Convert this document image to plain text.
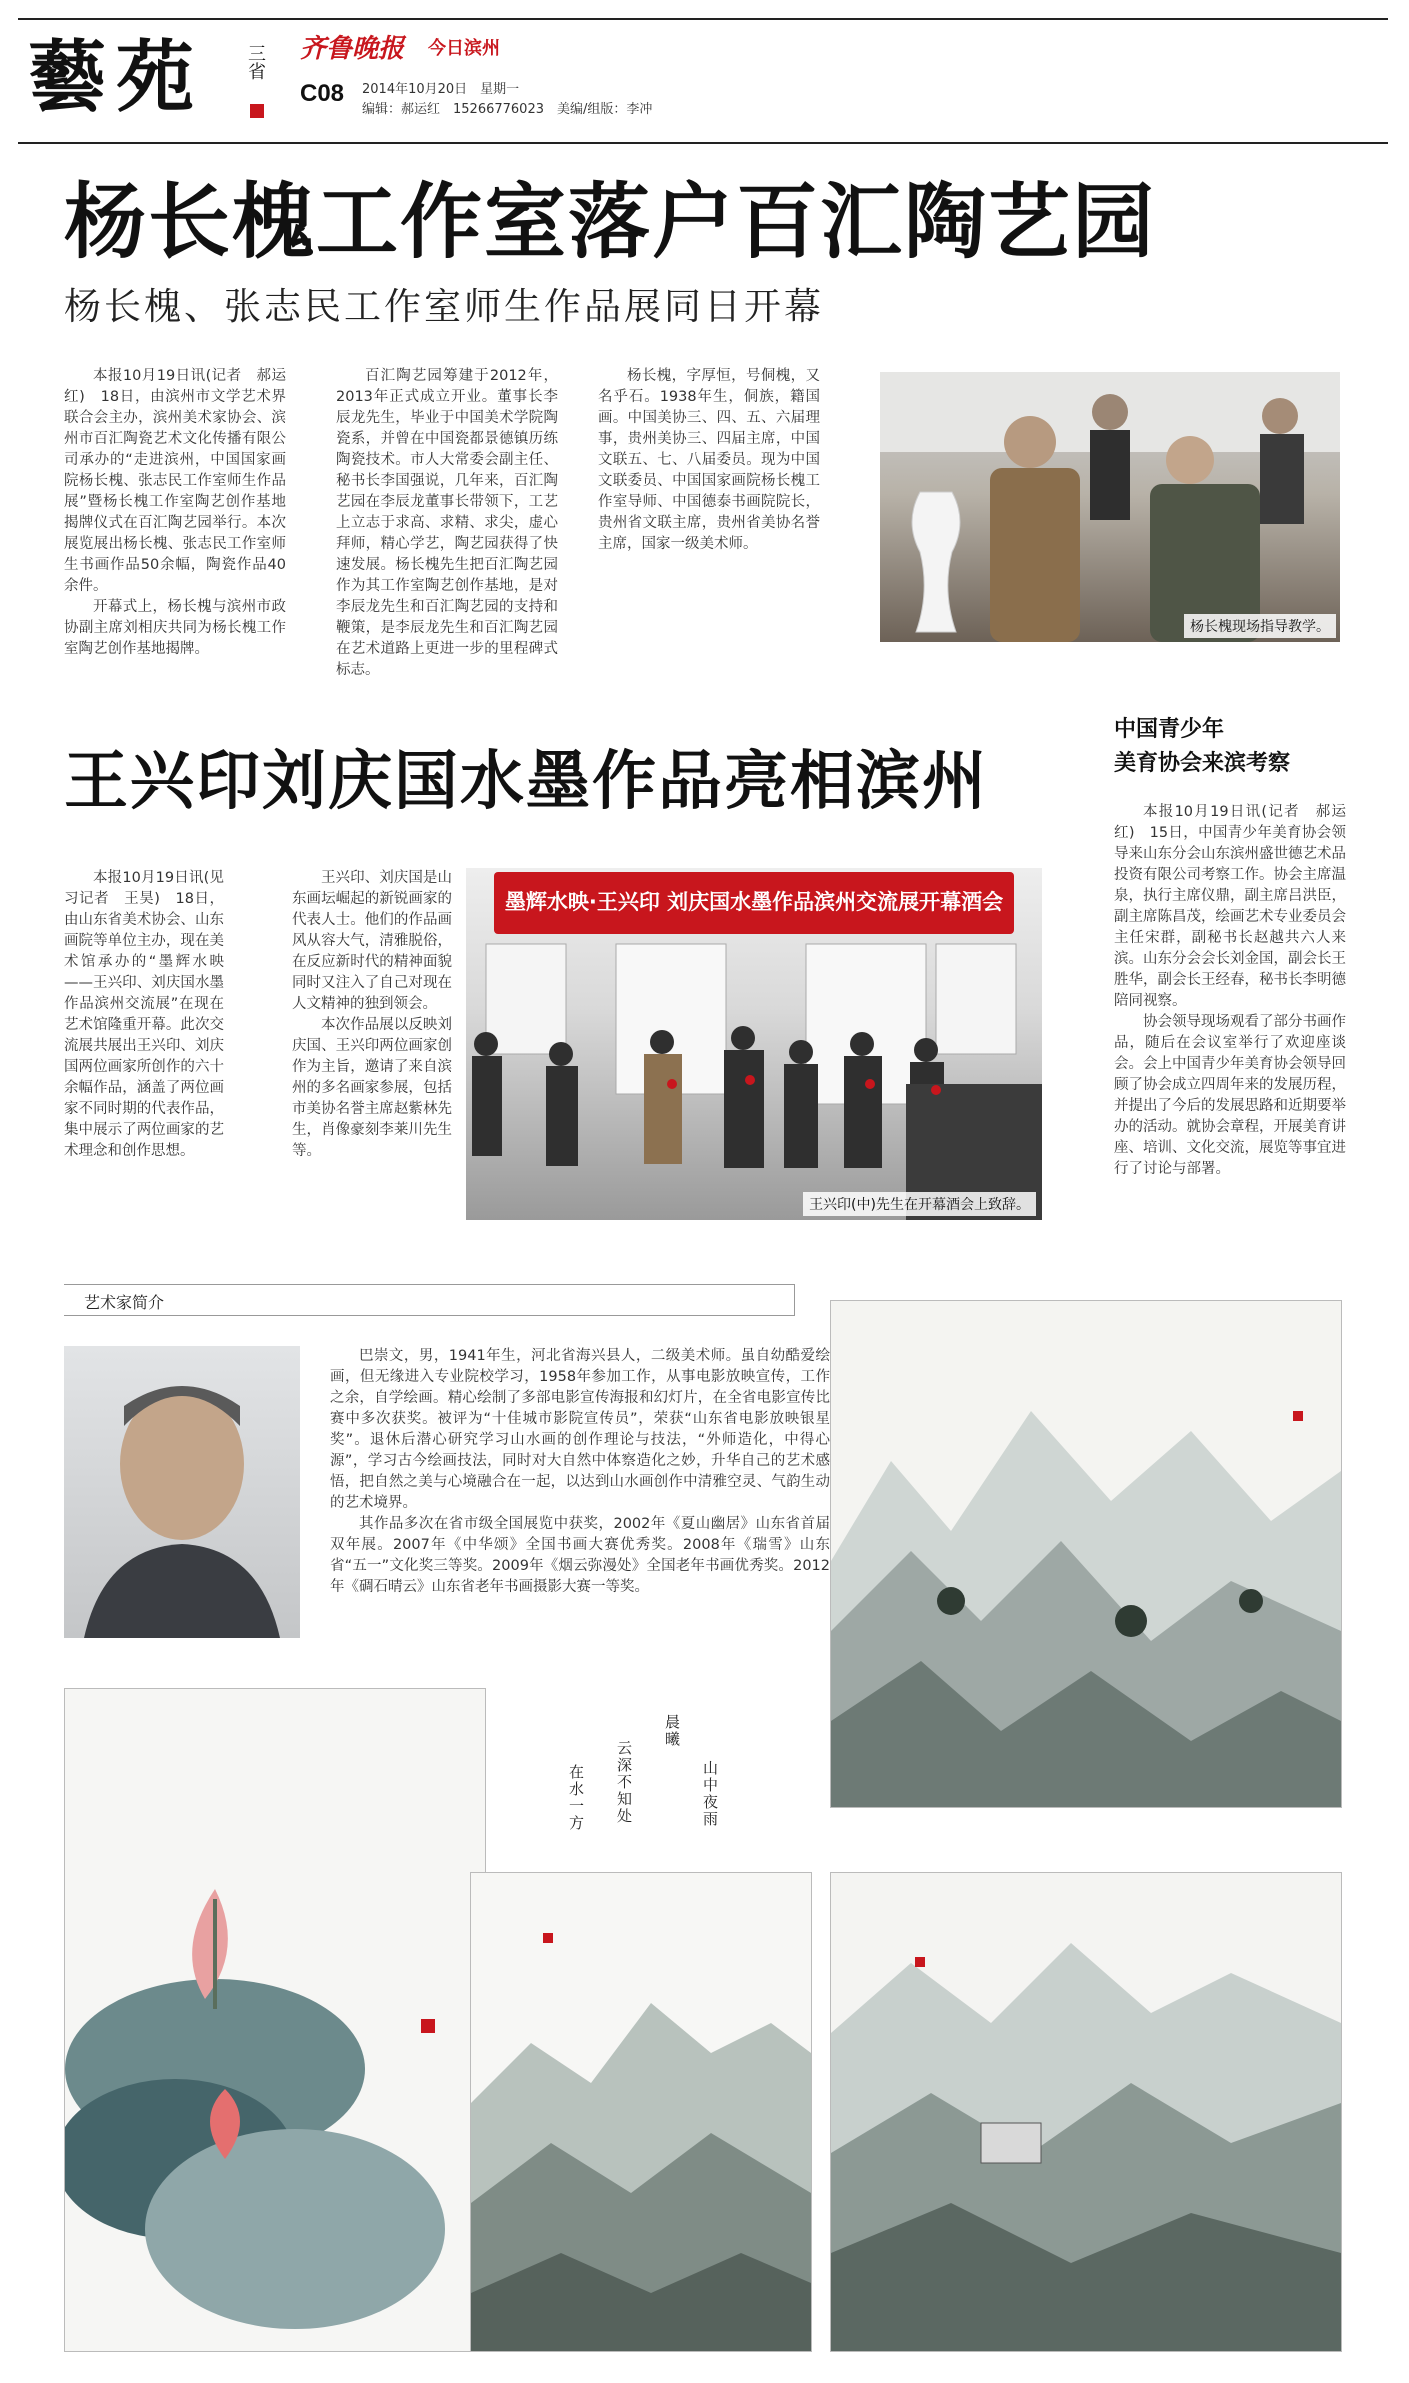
藝苑 三省 齐鲁晚报 今日滨州
C08 2014年10月20日　星期一
编辑：郝运红　15266776023　美编/组版：李冲
杨长槐工作室落户百汇陶艺园
杨长槐、张志民工作室师生作品展同日开幕

本报10月19日讯(记者　郝运红)　18日，由滨州市文学艺术界联合会主办，滨州美术家协会、滨州市百汇陶瓷艺术文化传播有限公司承办的“走进滨州，中国国家画院杨长槐、张志民工作室师生作品展”暨杨长槐工作室陶艺创作基地揭牌仪式在百汇陶艺园举行。本次展览展出杨长槐、张志民工作室师生书画作品50余幅，陶瓷作品40余件。

开幕式上，杨长槐与滨州市政协副主席刘相庆共同为杨长槐工作室陶艺创作基地揭牌。

百汇陶艺园筹建于2012年，2013年正式成立开业。董事长李辰龙先生，毕业于中国美术学院陶瓷系，并曾在中国瓷都景德镇历练陶瓷技术。市人大常委会副主任、秘书长李国强说，几年来，百汇陶艺园在李辰龙董事长带领下，工艺上立志于求高、求精、求尖，虚心拜师，精心学艺，陶艺园获得了快速发展。杨长槐先生把百汇陶艺园作为其工作室陶艺创作基地，是对李辰龙先生和百汇陶艺园的支持和鞭策，是李辰龙先生和百汇陶艺园在艺术道路上更进一步的里程碑式标志。

杨长槐，字厚恒，号侗槐，又名乎石。1938年生，侗族，籍国画。中国美协三、四、五、六届理事，贵州美协三、四届主席，中国文联五、七、八届委员。现为中国文联委员、中国国家画院杨长槐工作室导师、中国德泰书画院院长，贵州省文联主席，贵州省美协名誉主席，国家一级美术师。

杨长槐现场指导教学。
王兴印刘庆国水墨作品亮相滨州

本报10月19日讯(见习记者　王昊)　18日，由山东省美术协会、山东画院等单位主办，现在美术馆承办的“墨辉水映——王兴印、刘庆国水墨作品滨州交流展”在现在艺术馆隆重开幕。此次交流展共展出王兴印、刘庆国两位画家所创作的六十余幅作品，涵盖了两位画家不同时期的代表作品，集中展示了两位画家的艺术理念和创作思想。

王兴印、刘庆国是山东画坛崛起的新锐画家的代表人士。他们的作品画风从容大气，清雅脱俗，在反应新时代的精神面貌同时又注入了自己对现在人文精神的独到领会。

本次作品展以反映刘庆国、王兴印两位画家创作为主旨，邀请了来自滨州的多名画家参展，包括市美协名誉主席赵紫林先生，肖像豪刻李莱川先生等。

墨辉水映·王兴印 刘庆国水墨作品滨州交流展开幕酒会
王兴印(中)先生在开幕酒会上致辞。
中国青少年
美育协会来滨考察

本报10月19日讯(记者　郝运红)　15日，中国青少年美育协会领导来山东分会山东滨州盛世德艺术品投资有限公司考察工作。协会主席温泉，执行主席仪鼎，副主席吕洪臣，副主席陈昌茂，绘画艺术专业委员会主任宋群，副秘书长赵越共六人来滨。山东分会会长刘金国，副会长王胜华，副会长王经春，秘书长李明德陪同视察。

协会领导现场观看了部分书画作品，随后在会议室举行了欢迎座谈会。会上中国青少年美育协会领导回顾了协会成立四周年来的发展历程，并提出了今后的发展思路和近期要举办的活动。就协会章程，开展美育讲座、培训、文化交流，展览等事宜进行了讨论与部署。

艺术家简介

巴崇文，男，1941年生，河北省海兴县人，二级美术师。虽自幼酷爱绘画，但无缘进入专业院校学习，1958年参加工作，从事电影放映宣传，工作之余，自学绘画。精心绘制了多部电影宣传海报和幻灯片，在全省电影宣传比赛中多次获奖。被评为“十佳城市影院宣传员”，荣获“山东省电影放映银星奖”。退休后潜心研究学习山水画的创作理论与技法，“外师造化，中得心源”，学习古今绘画技法，同时对大自然中体察造化之妙，升华自己的艺术感悟，把自然之美与心境融合在一起，以达到山水画创作中清雅空灵、气韵生动的艺术境界。

其作品多次在省市级全国展览中获奖，2002年《夏山幽居》山东省首届双年展。2007年《中华颂》全国书画大赛优秀奖。2008年《瑞雪》山东省“五一”文化奖三等奖。2009年《烟云弥漫处》全国老年书画优秀奖。2012年《碉石晴云》山东省老年书画摄影大赛一等奖。

在水一方 云深不知处
晨曦
山中夜雨
